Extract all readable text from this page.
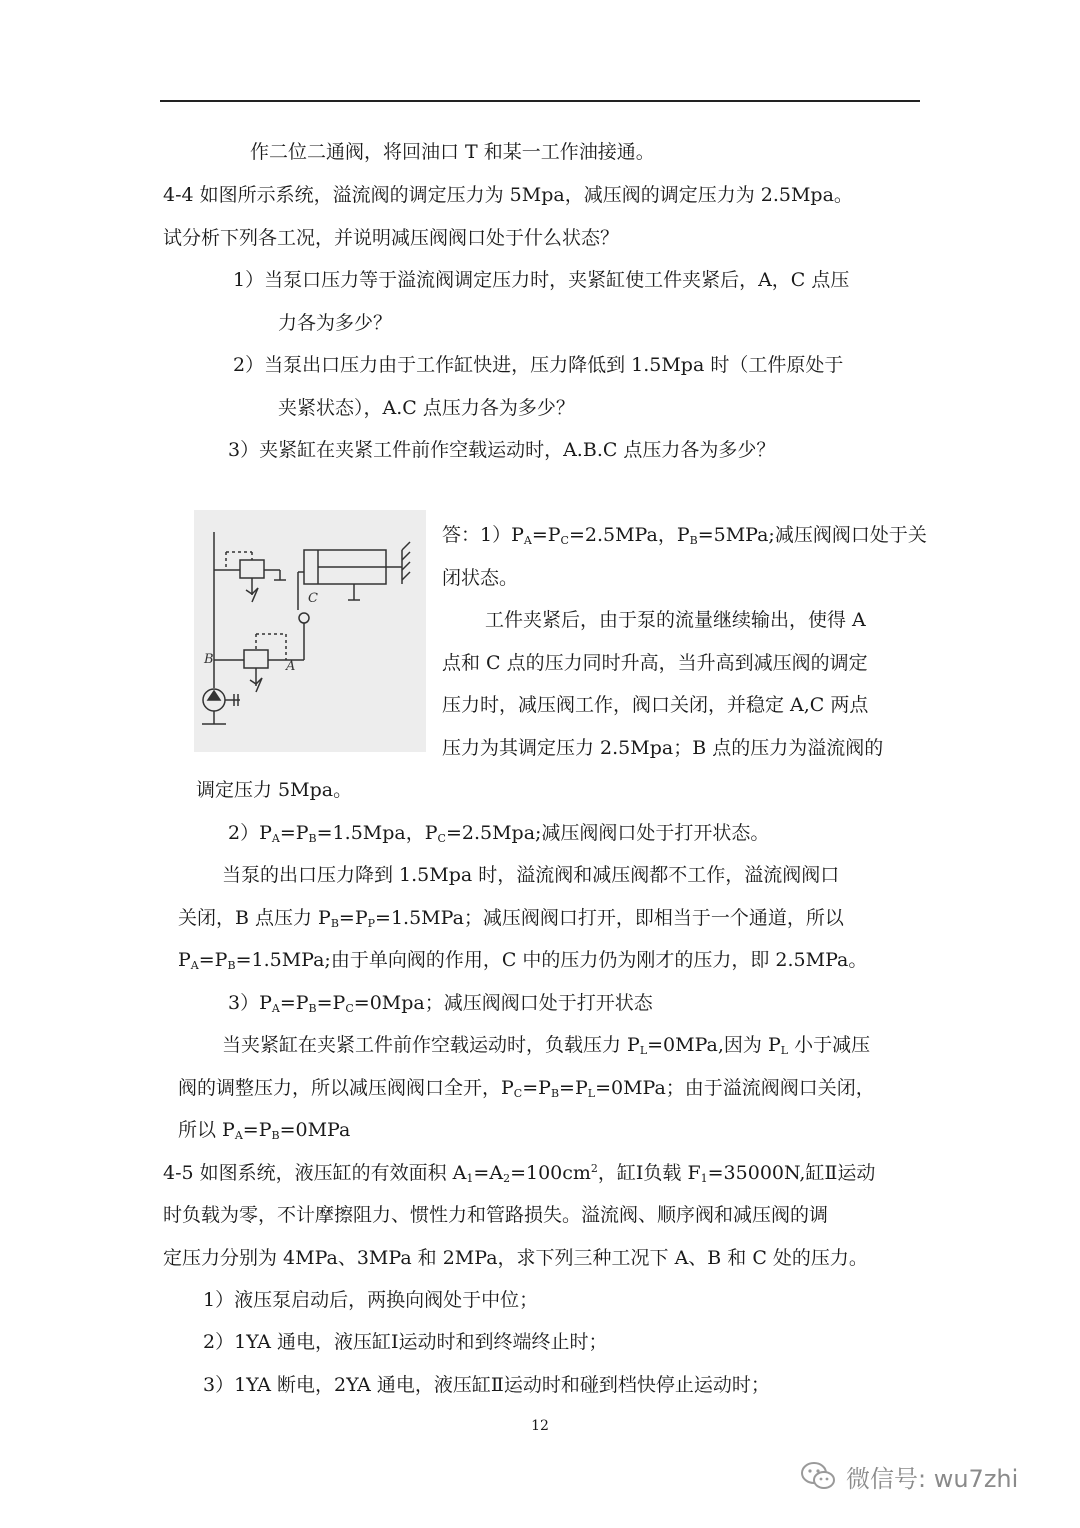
作二位二通阀，将回油口 T 和某一工作油接通。
4-4 如图所示系统，溢流阀的调定压力为 5Mpa，减压阀的调定压力为 2.5Mpa。
试分析下列各工况，并说明减压阀阀口处于什么状态？
1）当泵口压力等于溢流阀调定压力时，夹紧缸使工件夹紧后，A，C 点压
力各为多少？
2）当泵出口压力由于工作缸快进，压力降低到 1.5Mpa 时（工件原处于
夹紧状态），A.C 点压力各为多少？
3）夹紧缸在夹紧工件前作空载运动时，A.B.C 点压力各为多少？
B
C
A
答：$1)P_A=P_C=2.5MPa$，$P_B=5MPa$;减压阀阀口处于关
闭状态。
工件夹紧后，由于泵的流量继续输出，使得 A
点和 C 点的压力同时升高，当升高到减压阀的调定
压力时，减压阀工作，阀口关闭，并稳定 A,C 两点
压力为其调定压力 2.5Mpa；B 点的压力为溢流阀的
调定压力 5Mpa。
$2)P_A=P_B=1.5Mpa$，$P_C=2.5Mpa$;减压阀阀口处于打开状态。
当泵的出口压力降到 1.5Mpa 时，溢流阀和减压阀都不工作，溢流阀阀口
关闭，B 点压力 $P_B=P_P=1.5MPa$；减压阀阀口打开，即相当于一个通道，所以
$P_A=P_B=1.5MPa$;由于单向阀的作用，C 中的压力仍为刚才的压力，即 2.5MPa。
$3)P_A=P_B=P_C=0Mpa$；减压阀阀口处于打开状态
当夹紧缸在夹紧工件前作空载运动时，负载压力 $P_L=0MPa$,因为 $P_L$ 小于减压
阀的调整压力，所以减压阀阀口全开，$P_C=P_B=P_L=0MPa$；由于溢流阀阀口关闭，
所以 $P_A=P_B=0MPa$
4-5 如图系统，液压缸的有效面积 $A_1=A_2=100cm^2$，缸Ⅰ负载 $F_1=35000N$,缸Ⅱ运动
时负载为零，不计摩擦阻力、惯性力和管路损失。溢流阀、顺序阀和减压阀的调
定压力分别为 4MPa、3MPa 和 2MPa，求下列三种工况下 A、B 和 C 处的压力。
1）液压泵启动后，两换向阀处于中位；
2）1YA 通电，液压缸Ⅰ运动时和到终端终止时；
3）1YA 断电，2YA 通电，液压缸Ⅱ运动时和碰到档快停止运动时；
12
微信号: wu7zhi
